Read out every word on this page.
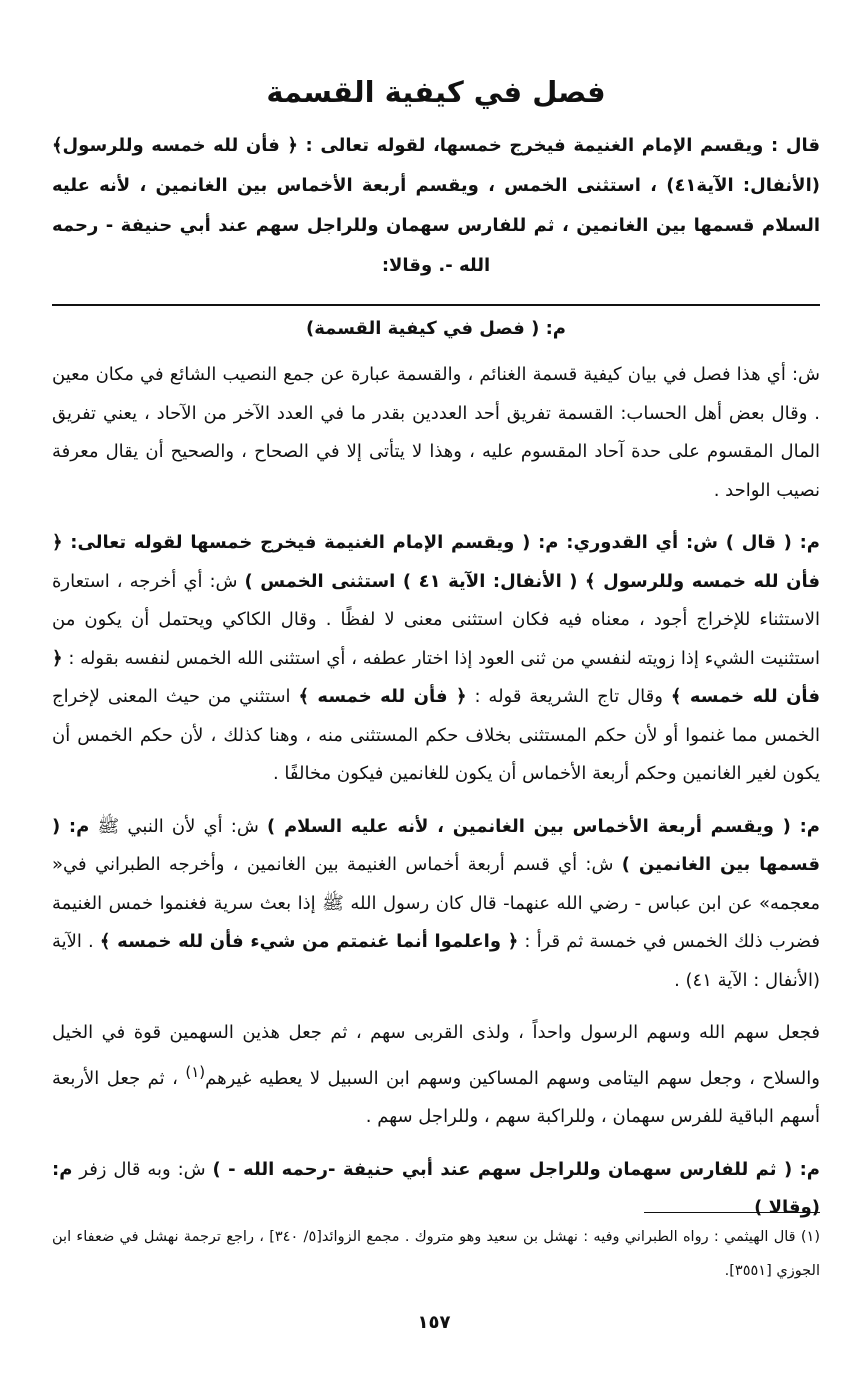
فصل في كيفية القسمة

قال : ويقسم الإمام الغنيمة فيخرج خمسها، لقوله تعالى : ﴿ فأن لله خمسه وللرسول﴾ (الأنفال: الآية٤١) ، استثنى الخمس ، ويقسم أربعة الأخماس بين الغانمين ، لأنه عليه السلام قسمها بين الغانمين ، ثم للفارس سهمان وللراجل سهم عند أبي حنيفة - رحمه الله -. وقالا:

م: ( فصل في كيفية القسمة)

ش: أي هذا فصل في بيان كيفية قسمة الغنائم ، والقسمة عبارة عن جمع النصيب الشائع في مكان معين . وقال بعض أهل الحساب: القسمة تفريق أحد العددين بقدر ما في العدد الآخر من الآحاد ، يعني تفريق المال المقسوم على حدة آحاد المقسوم عليه ، وهذا لا يتأتى إلا في الصحاح ، والصحيح أن يقال معرفة نصيب الواحد .

م: ( قال ) ش: أي القدوري: م: ( ويقسم الإمام الغنيمة فيخرج خمسها لقوله تعالى: ﴿ فأن لله خمسه وللرسول ﴾ ( الأنفال: الآية ٤١ ) استثنى الخمس ) ش: أي أخرجه ، استعارة الاستثناء للإخراج أجود ، معناه فيه فكان استثنى معنى لا لفظًا . وقال الكاكي ويحتمل أن يكون من استثنيت الشيء إذا زويته لنفسي من ثنى العود إذا اختار عطفه ، أي استثنى الله الخمس لنفسه بقوله : ﴿ فأن لله خمسه ﴾ وقال تاج الشريعة قوله : ﴿ فأن لله خمسه ﴾ استثني من حيث المعنى لإخراج الخمس مما غنموا أو لأن حكم المستثنى بخلاف حكم المستثنى منه ، وهنا كذلك ، لأن حكم الخمس أن يكون لغير الغانمين وحكم أربعة الأخماس أن يكون للغانمين فيكون مخالفًا .

م: ( ويقسم أربعة الأخماس بين الغانمين ، لأنه عليه السلام ) ش: أي لأن النبي ﷺ م: ( قسمها بين الغانمين ) ش: أي قسم أربعة أخماس الغنيمة بين الغانمين ، وأخرجه الطبراني في« معجمه» عن ابن عباس - رضي الله عنهما- قال كان رسول الله ﷺ إذا بعث سرية فغنموا خمس الغنيمة فضرب ذلك الخمس في خمسة ثم قرأ : ﴿ واعلموا أنما غنمتم من شيء فأن لله خمسه ﴾ . الآية (الأنفال : الآية ٤١) .

فجعل سهم الله وسهم الرسول واحداً ، ولذى القربى سهم ، ثم جعل هذين السهمين قوة في الخيل والسلاح ، وجعل سهم اليتامى وسهم المساكين وسهم ابن السبيل لا يعطيه غيرهم$^{(١)}$ ، ثم جعل الأربعة أسهم الباقية للفرس سهمان ، وللراكبة سهم ، وللراجل سهم .

م: ( ثم للفارس سهمان وللراجل سهم عند أبي حنيفة -رحمه الله - ) ش: وبه قال زفر م: (وقالا )

(١) قال الهيثمي : رواه الطبراني وفيه : نهشل بن سعيد وهو متروك . مجمع الزوائد[٥/ ٣٤٠] ، راجع ترجمة نهشل في ضعفاء ابن الجوزي [٣٥٥١].
١٥٧
